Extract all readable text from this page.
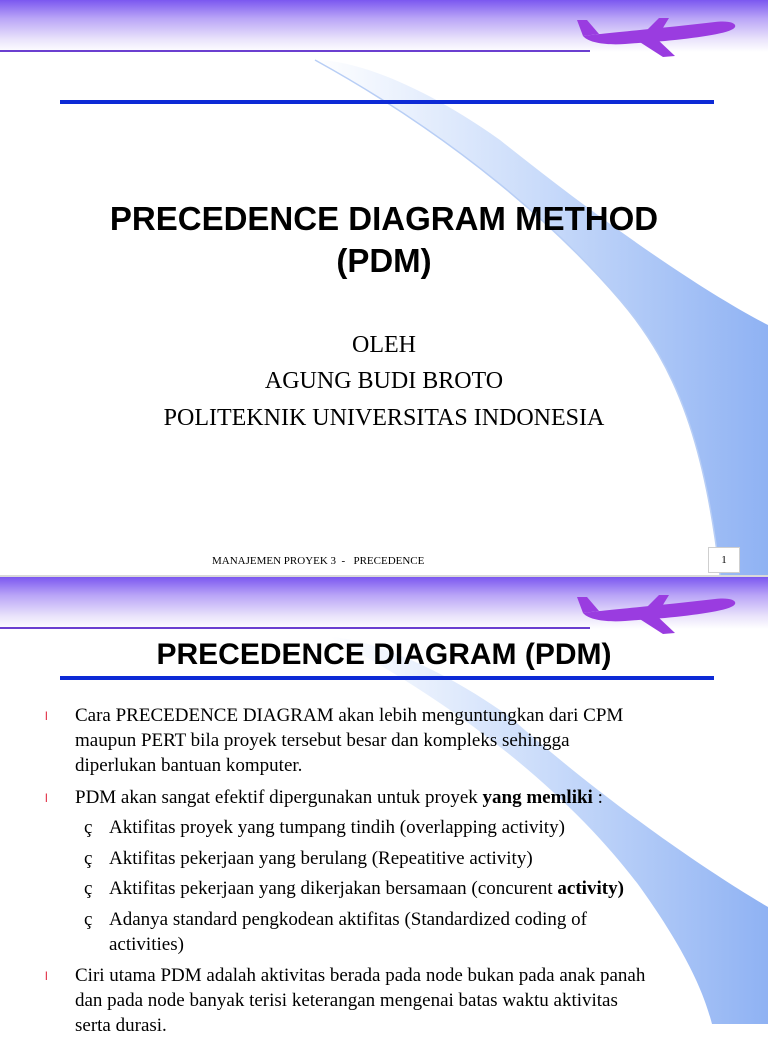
PRECEDENCE DIAGRAM METHOD
(PDM)
OLEH
AGUNG BUDI BROTO
POLITEKNIK UNIVERSITAS INDONESIA
MANAJEMEN PROYEK 3  -   PRECEDENCE	1
PRECEDENCE DIAGRAM (PDM)
l Cara PRECEDENCE DIAGRAM akan lebih menguntungkan dari CPM
maupun PERT bila proyek tersebut besar dan kompleks sehingga
diperlukan bantuan komputer.
l PDM akan sangat efektif dipergunakan untuk proyek yang memliki :
ç Aktifitas proyek yang tumpang tindih (overlapping activity)
ç Aktifitas pekerjaan yang berulang (Repeatitive activity)
ç Aktifitas pekerjaan yang dikerjakan bersamaan (concurent activity)
ç Adanya standard pengkodean aktifitas (Standardized coding of
activities)
l Ciri utama PDM adalah aktivitas berada pada node bukan pada anak panah
dan pada node banyak terisi keterangan mengenai batas waktu aktivitas
serta durasi.
